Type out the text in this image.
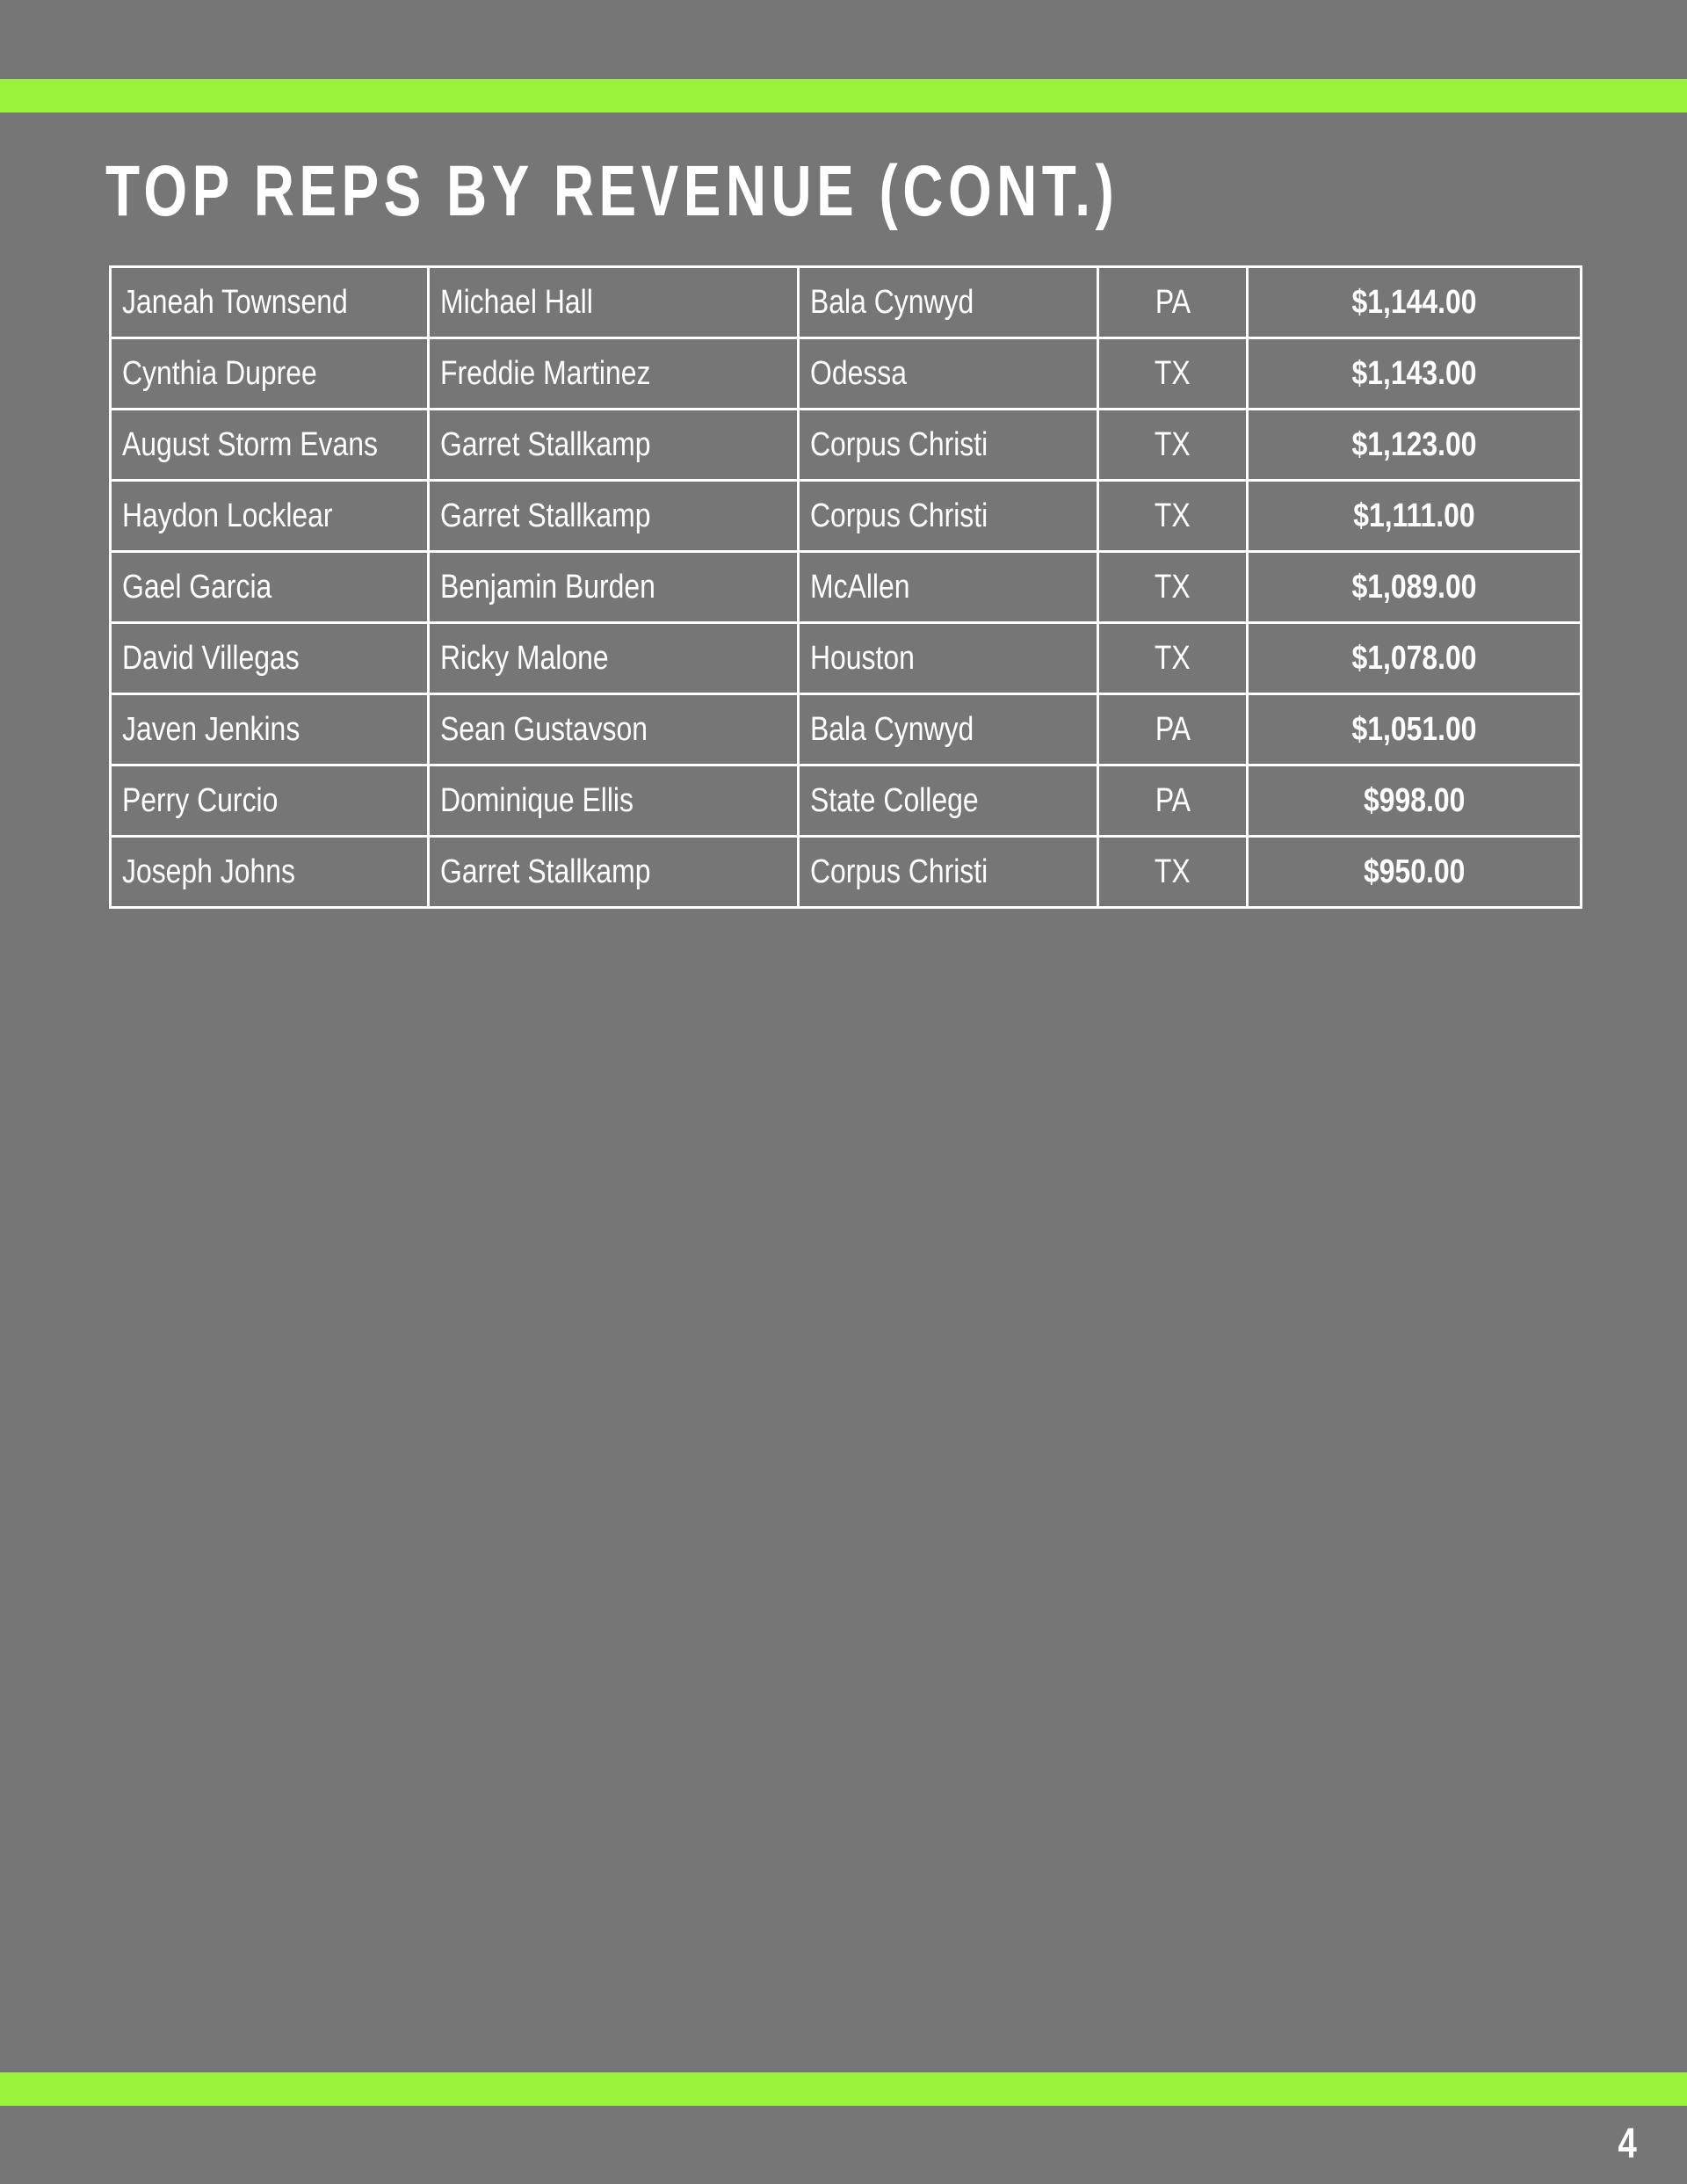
TOP REPS BY REVENUE (CONT.)
Janeah Townsend	Michael Hall	Bala Cynwyd	PA	$1,144.00
Cynthia Dupree	Freddie Martinez	Odessa	TX	$1,143.00
August Storm Evans	Garret Stallkamp	Corpus Christi	TX	$1,123.00
Haydon Locklear	Garret Stallkamp	Corpus Christi	TX	$1,111.00
Gael Garcia	Benjamin Burden	McAllen	TX	$1,089.00
David Villegas	Ricky Malone	Houston	TX	$1,078.00
Javen Jenkins	Sean Gustavson	Bala Cynwyd	PA	$1,051.00
Perry Curcio	Dominique Ellis	State College	PA	$998.00
Joseph Johns	Garret Stallkamp	Corpus Christi	TX	$950.00
4
